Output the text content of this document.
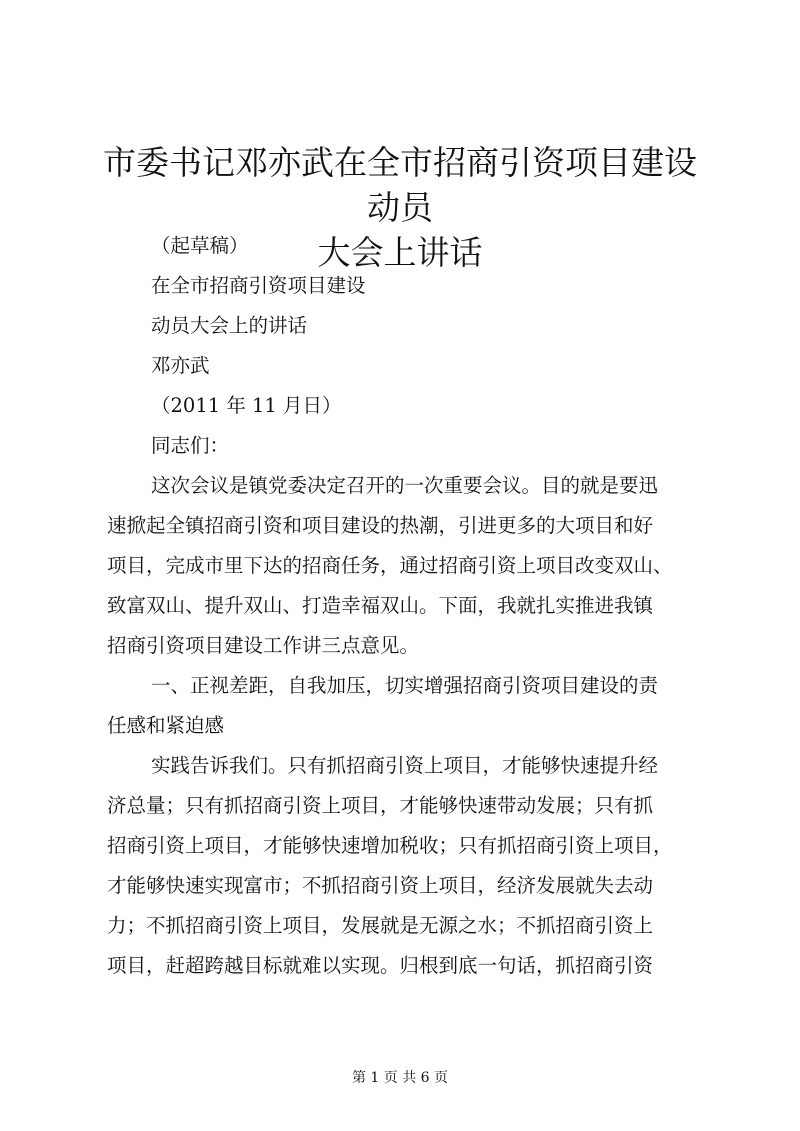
市委书记邓亦武在全市招商引资项目建设动员
大会上讲话
（起草稿）
在全市招商引资项目建设
动员大会上的讲话
邓亦武
（2011 年 11 月日）
同志们：
这次会议是镇党委决定召开的一次重要会议。目的就是要迅
速掀起全镇招商引资和项目建设的热潮，引进更多的大项目和好
项目，完成市里下达的招商任务，通过招商引资上项目改变双山、
致富双山、提升双山、打造幸福双山。下面，我就扎实推进我镇
招商引资项目建设工作讲三点意见。
一、正视差距，自我加压，切实增强招商引资项目建设的责
任感和紧迫感
实践告诉我们。只有抓招商引资上项目，才能够快速提升经
济总量；只有抓招商引资上项目，才能够快速带动发展；只有抓
招商引资上项目，才能够快速增加税收；只有抓招商引资上项目，
才能够快速实现富市；不抓招商引资上项目，经济发展就失去动
力；不抓招商引资上项目，发展就是无源之水；不抓招商引资上
项目，赶超跨越目标就难以实现。归根到底一句话，抓招商引资
第 1 页 共 6 页
